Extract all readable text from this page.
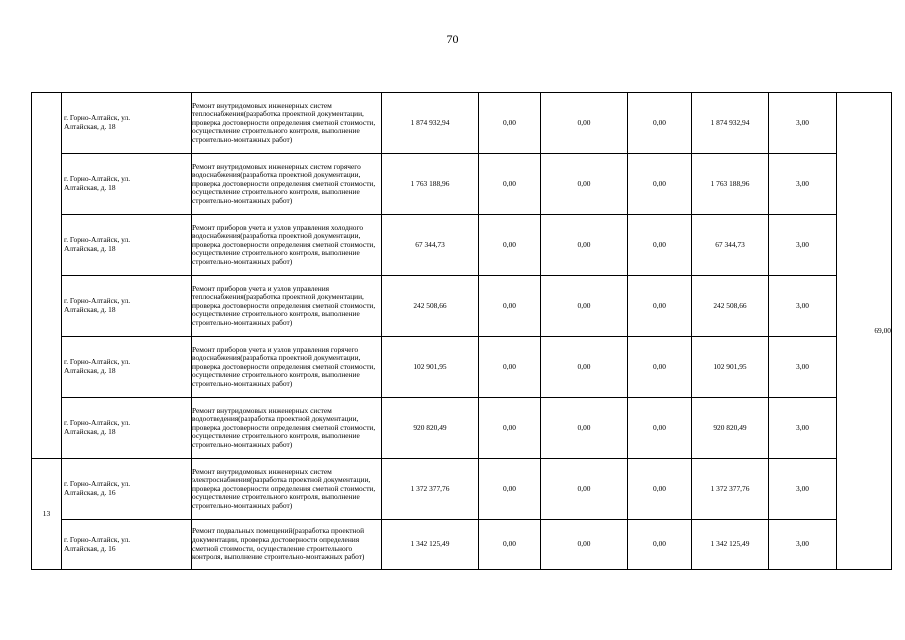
70

	г. Горно-Алтайск, ул.
Алтайская, д. 18	Ремонт внутридомовых инженерных систем теплоснабжения(разработка проектной документации, проверка достоверности определения сметной стоимости, осуществление строительного контроля, выполнение строительно-монтажных работ)	1 874 932,94	0,00	0,00	0,00	1 874 932,94	3,00	69,00

	г. Горно-Алтайск, ул.
Алтайская, д. 18	Ремонт внутридомовых инженерных систем горячего водоснабжения(разработка проектной документации, проверка достоверности определения сметной стоимости, осуществление строительного контроля, выполнение строительно-монтажных работ)	1 763 188,96	0,00	0,00	0,00	1 763 188,96	3,00	

	г. Горно-Алтайск, ул.
Алтайская, д. 18	Ремонт приборов учета и узлов управления холодного водоснабжения(разработка проектной документации, проверка достоверности определения сметной стоимости, осуществление строительного контроля, выполнение строительно-монтажных работ)	67 344,73	0,00	0,00	0,00	67 344,73	3,00	

	г. Горно-Алтайск, ул.
Алтайская, д. 18	Ремонт приборов учета и узлов управления теплоснабжения(разработка проектной документации, проверка достоверности определения сметной стоимости, осуществление строительного контроля, выполнение строительно-монтажных работ)	242 508,66	0,00	0,00	0,00	242 508,66	3,00	

	г. Горно-Алтайск, ул.
Алтайская, д. 18	Ремонт приборов учета и узлов управления горячего водоснабжения(разработка проектной документации, проверка достоверности определения сметной стоимости, осуществление строительного контроля, выполнение строительно-монтажных работ)	102 901,95	0,00	0,00	0,00	102 901,95	3,00	

	г. Горно-Алтайск, ул.
Алтайская, д. 18	Ремонт внутридомовых инженерных систем водоотведения(разработка проектной документации, проверка достоверности определения сметной стоимости, осуществление строительного контроля, выполнение строительно-монтажных работ)	920 820,49	0,00	0,00	0,00	920 820,49	3,00	
13	г. Горно-Алтайск, ул.
Алтайская, д. 16	Ремонт внутридомовых инженерных систем электроснабжения(разработка проектной документации, проверка достоверности определения сметной стоимости, осуществление строительного контроля, выполнение строительно-монтажных работ)	1 372 377,76	0,00	0,00	0,00	1 372 377,76	3,00	

	г. Горно-Алтайск, ул.
Алтайская, д. 16	Ремонт подвальных помещений(разработка проектной документации, проверка достоверности определения сметной стоимости, осуществление строительного контроля, выполнение строительно-монтажных работ)	1 342 125,49	0,00	0,00	0,00	1 342 125,49	3,00	
